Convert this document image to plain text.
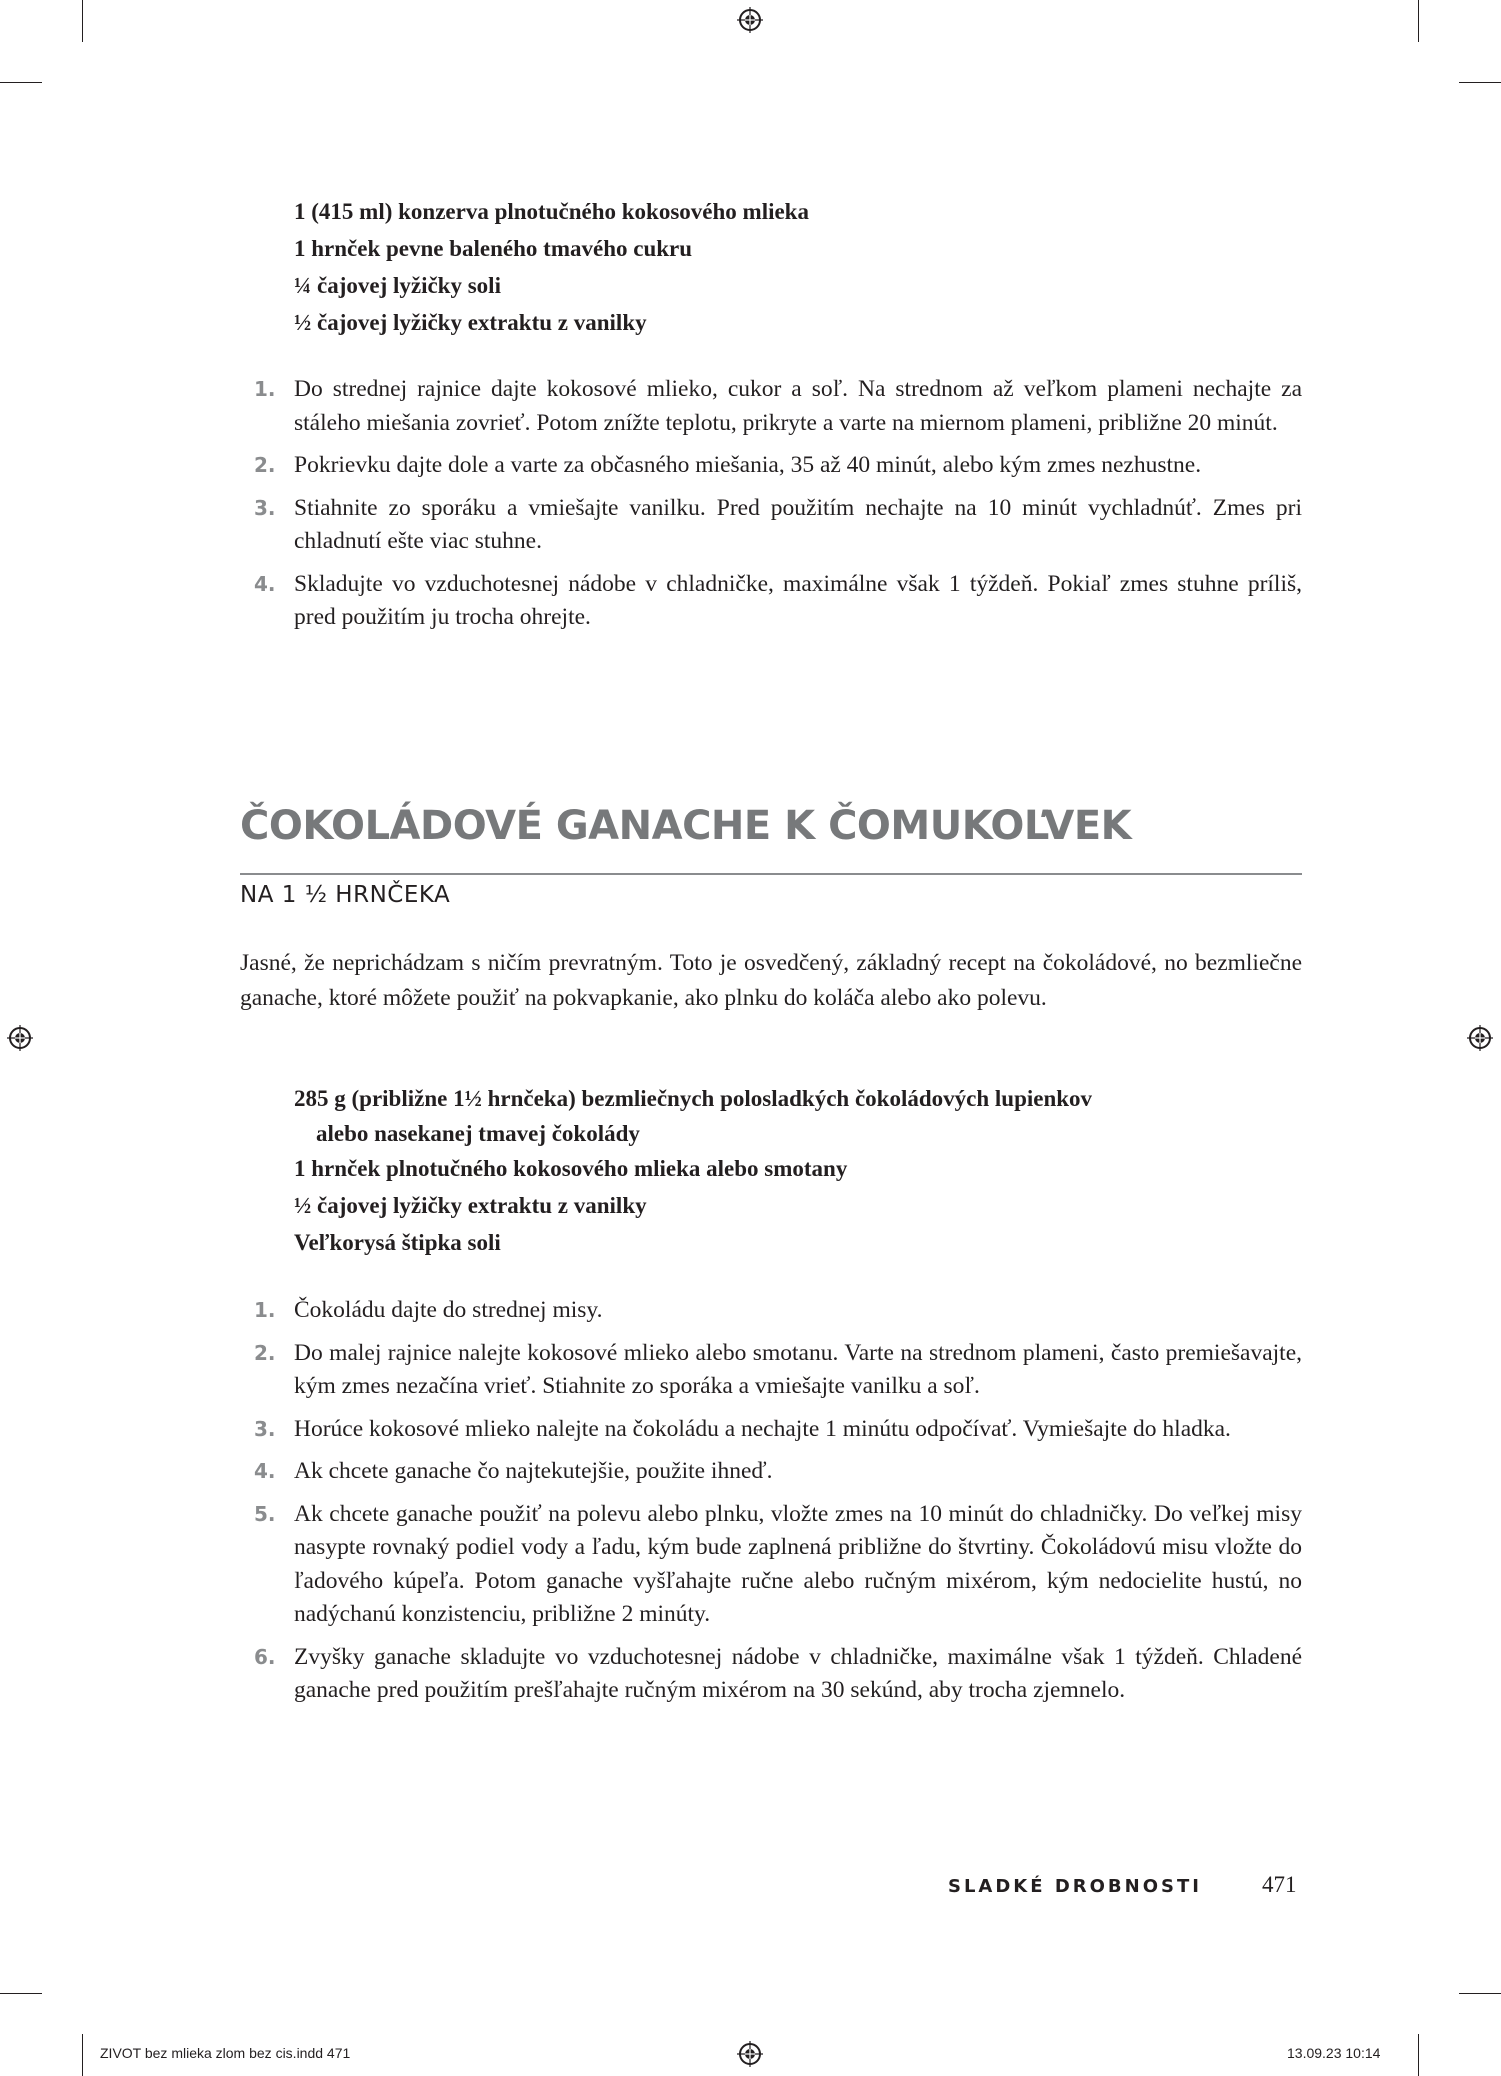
1 (415 ml) konzerva plnotučného kokosového mlieka
1 hrnček pevne baleného tmavého cukru
¼ čajovej lyžičky soli
½ čajovej lyžičky extraktu z vanilky
1. Do strednej rajnice dajte kokosové mlieko, cukor a soľ. Na strednom až veľkom plameni nechajte za stáleho miešania zovrieť. Potom znížte teplotu, prikryte a varte na miernom plameni, približne 20 minút.
2. Pokrievku dajte dole a varte za občasného miešania, 35 až 40 minút, alebo kým zmes nezhustne.
3. Stiahnite zo sporáku a vmiešajte vanilku. Pred použitím nechajte na 10 minút vychladnúť. Zmes pri chladnutí ešte viac stuhne.
4. Skladujte vo vzduchotesnej nádobe v chladničke, maximálne však 1 týždeň. Pokiaľ zmes stuhne príliš, pred použitím ju trocha ohrejte.
ČOKOLÁDOVÉ GANACHE K ČOMUKOĽVEK
NA 1 ½ HRNČEKA
Jasné, že neprichádzam s ničím prevratným. Toto je osvedčený, základný recept na čokoládové, no bezmliečne ganache, ktoré môžete použiť na pokvapkanie, ako plnku do koláča alebo ako polevu.
285 g (približne 1½ hrnčeka) bezmliečnych polosladkých čokoládových lupienkov
alebo nasekanej tmavej čokolády
1 hrnček plnotučného kokosového mlieka alebo smotany
½ čajovej lyžičky extraktu z vanilky
Veľkorysá štipka soli
1. Čokoládu dajte do strednej misy.
2. Do malej rajnice nalejte kokosové mlieko alebo smotanu. Varte na strednom plameni, často premiešavajte, kým zmes nezačína vrieť. Stiahnite zo sporáka a vmiešajte vanilku a soľ.
3. Horúce kokosové mlieko nalejte na čokoládu a nechajte 1 minútu odpočívať. Vymiešajte do hladka.
4. Ak chcete ganache čo najtekutejšie, použite ihneď.
5. Ak chcete ganache použiť na polevu alebo plnku, vložte zmes na 10 minút do chladničky. Do veľkej misy nasypte rovnaký podiel vody a ľadu, kým bude zaplnená približne do štvrtiny. Čokoládovú misu vložte do ľadového kúpeľa. Potom ganache vyšľahajte ručne alebo ručným mixérom, kým nedocielite hustú, no nadýchanú konzistenciu, približne 2 minúty.
6. Zvyšky ganache skladujte vo vzduchotesnej nádobe v chladničke, maximálne však 1 týždeň. Chladené ganache pred použitím prešľahajte ručným mixérom na 30 sekúnd, aby trocha zjemnelo.
SLADKÉ DROBNOSTI	471
ZIVOT bez mlieka zlom bez cis.indd 471	13.09.23 10:14
